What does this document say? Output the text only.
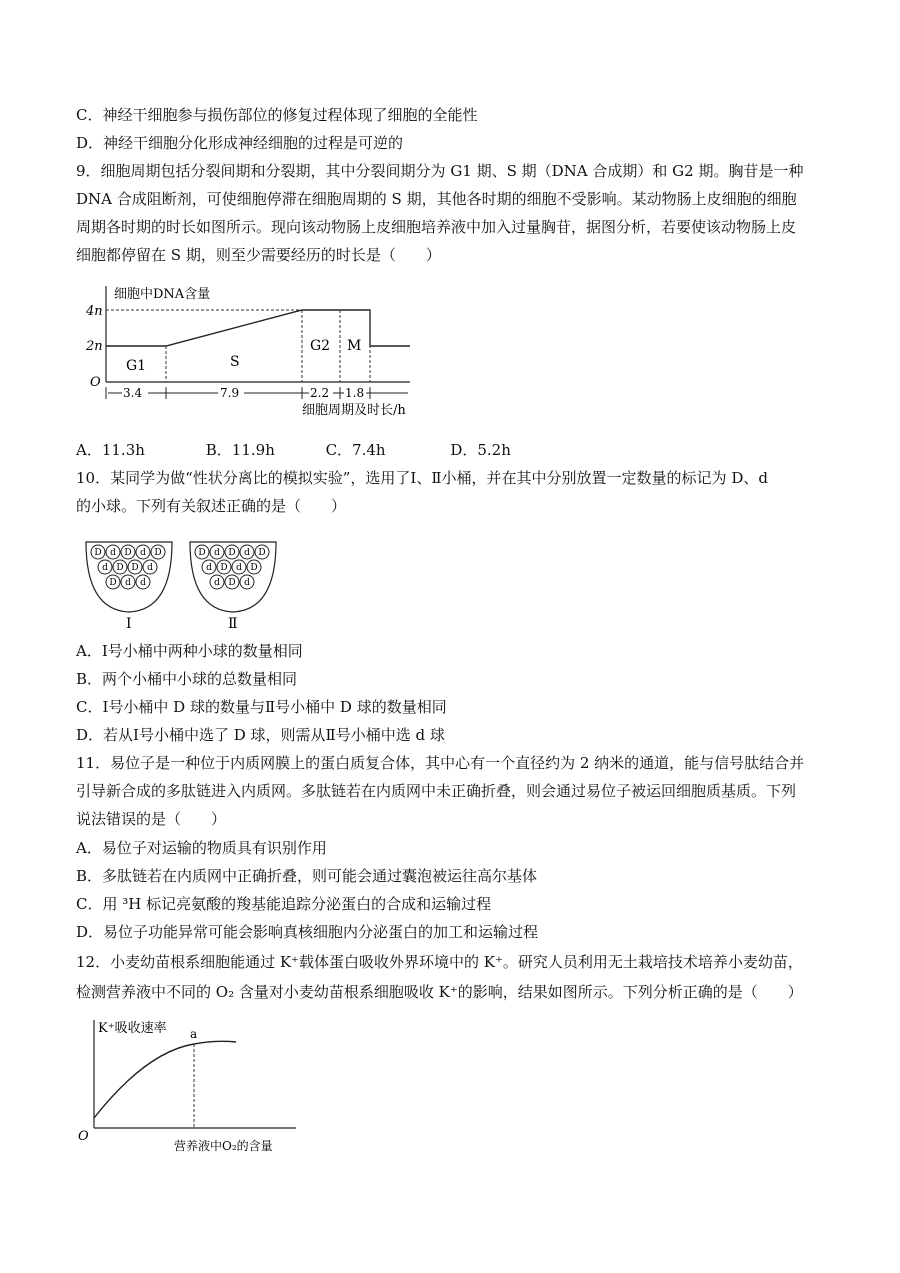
C．神经干细胞参与损伤部位的修复过程体现了细胞的全能性
D．神经干细胞分化形成神经细胞的过程是可逆的
9．细胞周期包括分裂间期和分裂期，其中分裂间期分为 G1 期、S 期（DNA 合成期）和 G2 期。胸苷是一种
DNA 合成阻断剂，可使细胞停滞在细胞周期的 S 期，其他各时期的细胞不受影响。某动物肠上皮细胞的细胞
周期各时期的时长如图所示。现向该动物肠上皮细胞培养液中加入过量胸苷，据图分析，若要使该动物肠上皮
细胞都停留在 S 期，则至少需要经历的时长是（　　）
细胞中DNA含量
4n
2n
O
G1	S
G2 M
3.4	7.9	2.2 1.8
细胞周期及时长/h
A．11.3h	B．11.9h	C．7.4h	D．5.2h
10．某同学为做“性状分离比的模拟实验”，选用了Ⅰ、Ⅱ小桶，并在其中分别放置一定数量的标记为 D、d
的小球。下列有关叙述正确的是（　　）
D d D d D
d D D d
D d d
Ⅰ
D d D d D
d D d D
d D d
Ⅱ
A．Ⅰ号小桶中两种小球的数量相同
B．两个小桶中小球的总数量相同
C．Ⅰ号小桶中 D 球的数量与Ⅱ号小桶中 D 球的数量相同
D．若从Ⅰ号小桶中选了 D 球，则需从Ⅱ号小桶中选 d 球
11．易位子是一种位于内质网膜上的蛋白质复合体，其中心有一个直径约为 2 纳米的通道，能与信号肽结合并
引导新合成的多肽链进入内质网。多肽链若在内质网中未正确折叠，则会通过易位子被运回细胞质基质。下列
说法错误的是（　　）
A．易位子对运输的物质具有识别作用
B．多肽链若在内质网中正确折叠，则可能会通过囊泡被运往高尔基体
C．用 ³H 标记亮氨酸的羧基能追踪分泌蛋白的合成和运输过程
D．易位子功能异常可能会影响真核细胞内分泌蛋白的加工和运输过程
12．小麦幼苗根系细胞能通过 K⁺载体蛋白吸收外界环境中的 K⁺。研究人员利用无土栽培技术培养小麦幼苗，
检测营养液中不同的 O₂ 含量对小麦幼苗根系细胞吸收 K⁺的影响，结果如图所示。下列分析正确的是（　　）
K⁺吸收速率
O
a
营养液中O₂的含量
